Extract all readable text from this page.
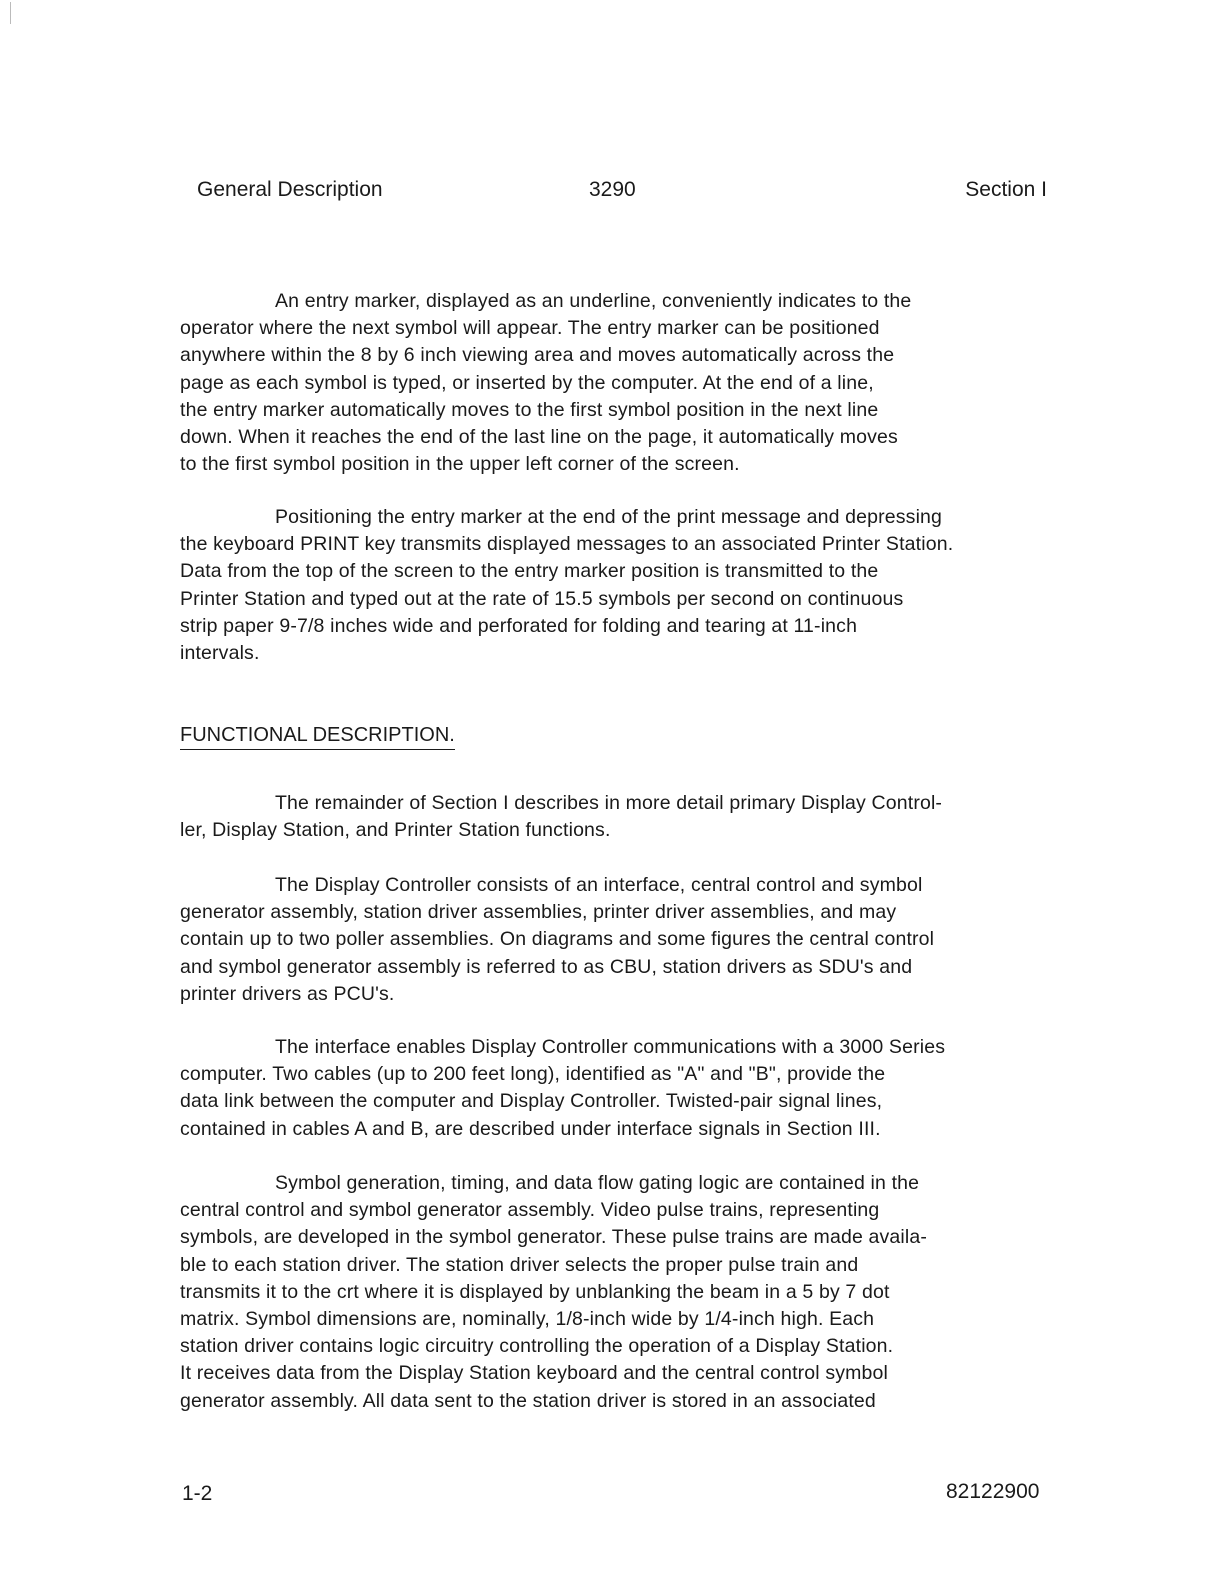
General Description	3290	Section I
An entry marker, displayed as an underline, conveniently indicates to the
operator where the next symbol will appear. The entry marker can be positioned
anywhere within the 8 by 6 inch viewing area and moves automatically across the
page as each symbol is typed, or inserted by the computer. At the end of a line,
the entry marker automatically moves to the first symbol position in the next line
down. When it reaches the end of the last line on the page, it automatically moves
to the first symbol position in the upper left corner of the screen.
Positioning the entry marker at the end of the print message and depressing
the keyboard PRINT key transmits displayed messages to an associated Printer Station.
Data from the top of the screen to the entry marker position is transmitted to the
Printer Station and typed out at the rate of 15.5 symbols per second on continuous
strip paper 9-7/8 inches wide and perforated for folding and tearing at 11-inch
intervals.
FUNCTIONAL DESCRIPTION.
The remainder of Section I describes in more detail primary Display Control-
ler, Display Station, and Printer Station functions.
The Display Controller consists of an interface, central control and symbol
generator assembly, station driver assemblies, printer driver assemblies, and may
contain up to two poller assemblies. On diagrams and some figures the central control
and symbol generator assembly is referred to as CBU, station drivers as SDU's and
printer drivers as PCU's.
The interface enables Display Controller communications with a 3000 Series
computer. Two cables (up to 200 feet long), identified as "A" and "B", provide the
data link between the computer and Display Controller. Twisted-pair signal lines,
contained in cables A and B, are described under interface signals in Section III.
Symbol generation, timing, and data flow gating logic are contained in the
central control and symbol generator assembly. Video pulse trains, representing
symbols, are developed in the symbol generator. These pulse trains are made availa-
ble to each station driver. The station driver selects the proper pulse train and
transmits it to the crt where it is displayed by unblanking the beam in a 5 by 7 dot
matrix. Symbol dimensions are, nominally, 1/8-inch wide by 1/4-inch high. Each
station driver contains logic circuitry controlling the operation of a Display Station.
It receives data from the Display Station keyboard and the central control symbol
generator assembly. All data sent to the station driver is stored in an associated
1-2	82122900
